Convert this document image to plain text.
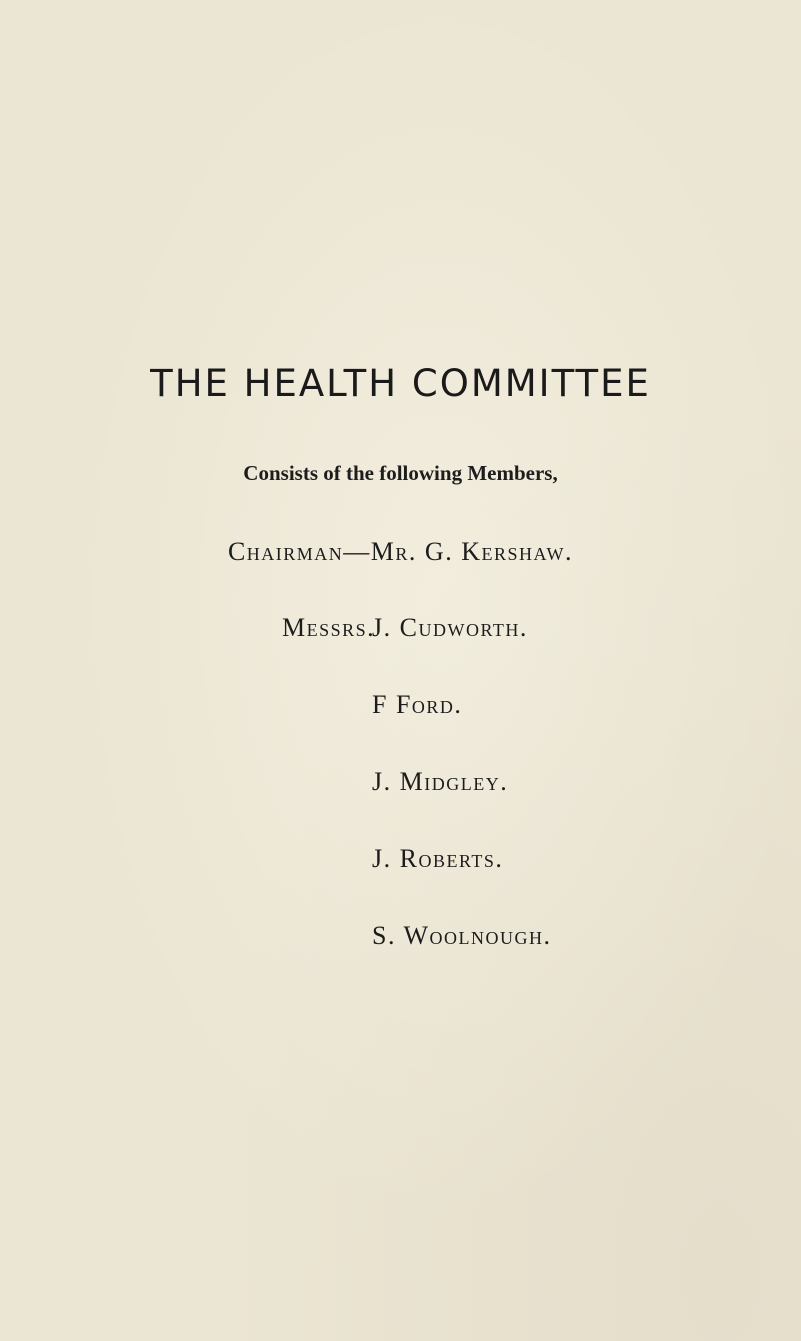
THE HEALTH COMMITTEE
Consists of the following Members,
Chairman—Mr. G. Kershaw.
Messrs.
J. Cudworth.
F Ford.
J. Midgley.
J. Roberts.
S. Woolnough.
